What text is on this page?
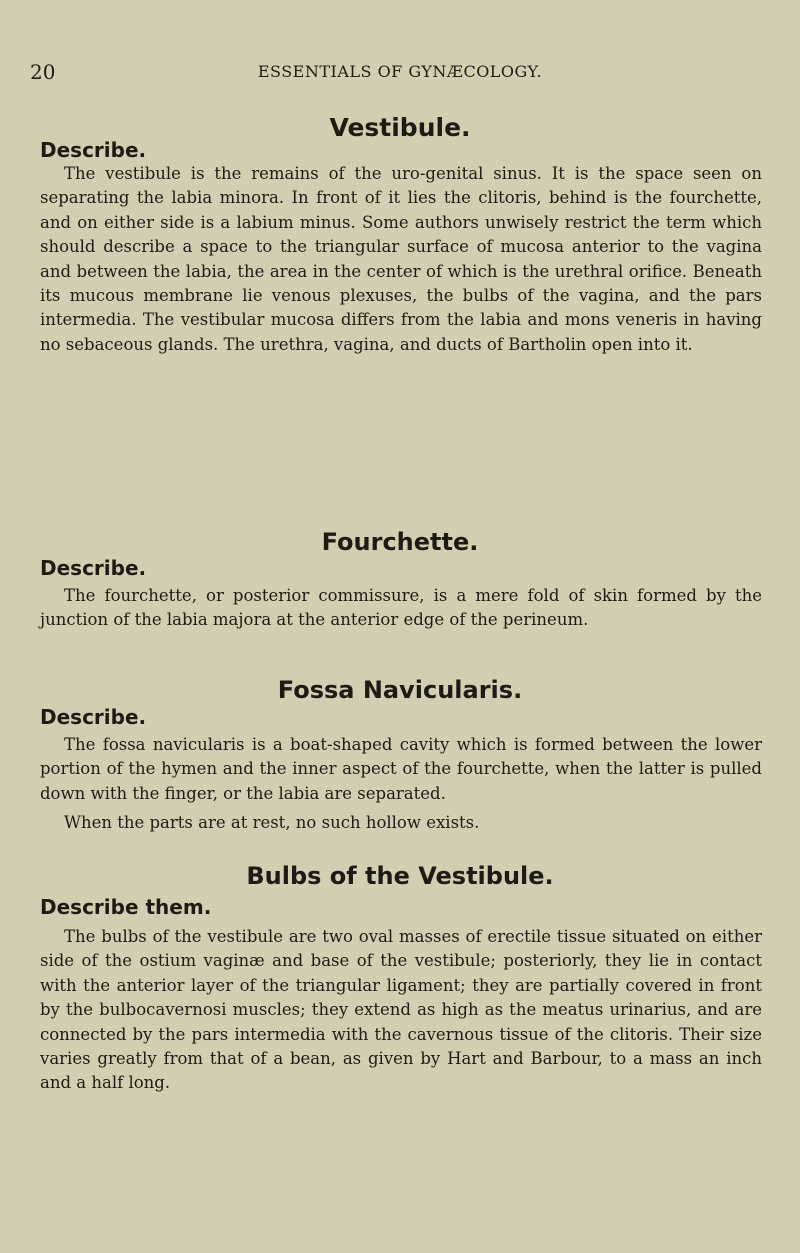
20	ESSENTIALS OF GYNÆCOLOGY.
Vestibule.
Describe.

The vestibule is the remains of the uro-genital sinus. It is the space seen on separating the labia minora. In front of it lies the clitoris, behind is the fourchette, and on either side is a labium minus. Some authors unwisely restrict the term which should describe a space to the triangular surface of mucosa anterior to the vagina and between the labia, the area in the center of which is the urethral orifice. Beneath its mucous membrane lie venous plexuses, the bulbs of the vagina, and the pars intermedia. The vestibular mucosa differs from the labia and mons veneris in having no sebaceous glands. The urethra, vagina, and ducts of Bartholin open into it.

Fourchette.
Describe.

The fourchette, or posterior commissure, is a mere fold of skin formed by the junction of the labia majora at the anterior edge of the perineum.

Fossa Navicularis.
Describe.

The fossa navicularis is a boat-shaped cavity which is formed between the lower portion of the hymen and the inner aspect of the fourchette, when the latter is pulled down with the finger, or the labia are separated.

When the parts are at rest, no such hollow exists.

Bulbs of the Vestibule.
Describe them.

The bulbs of the vestibule are two oval masses of erectile tissue situated on either side of the ostium vaginæ and base of the vestibule; posteriorly, they lie in contact with the anterior layer of the triangular ligament; they are partially covered in front by the bulbocavernosi muscles; they extend as high as the meatus urinarius, and are connected by the pars intermedia with the cavernous tissue of the clitoris. Their size varies greatly from that of a bean, as given by Hart and Barbour, to a mass an inch and a half long.
